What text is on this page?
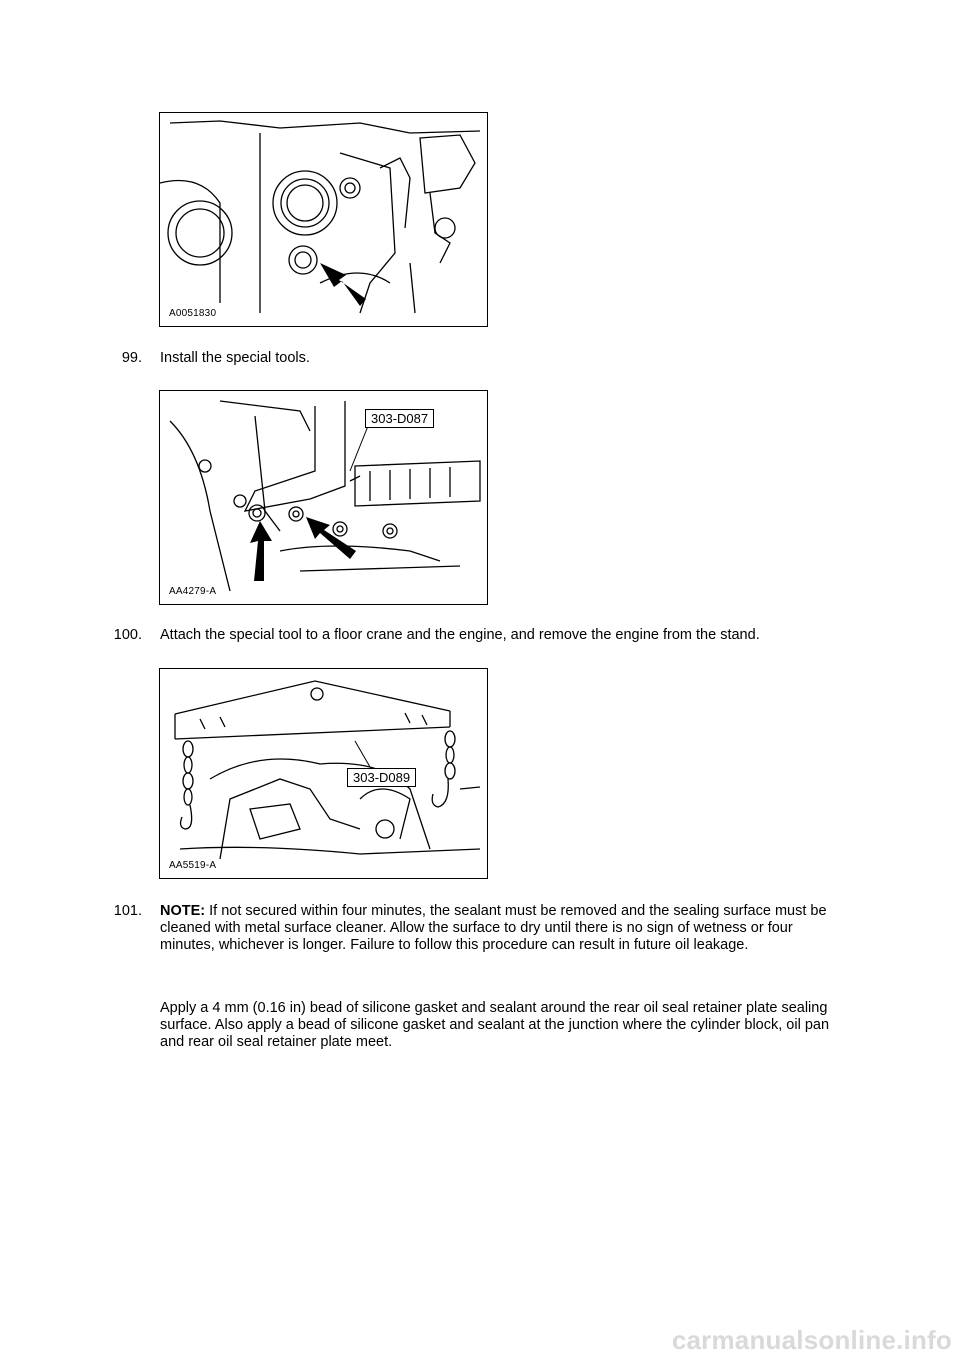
A0051830
99. Install the special tools.
303-D087
AA4279-A
100. Attach the special tool to a floor crane and the engine, and remove the engine from the stand.
303-D089
AA5519-A
101. NOTE: If not secured within four minutes, the sealant must be removed and the sealing surface must be cleaned with metal surface cleaner. Allow the surface to dry until there is no sign of wetness or four minutes, whichever is longer. Failure to follow this procedure can result in future oil leakage.
Apply a 4 mm (0.16 in) bead of silicone gasket and sealant around the rear oil seal retainer plate sealing surface. Also apply a bead of silicone gasket and sealant at the junction where the cylinder block, oil pan and rear oil seal retainer plate meet.
carmanualsonline.info
